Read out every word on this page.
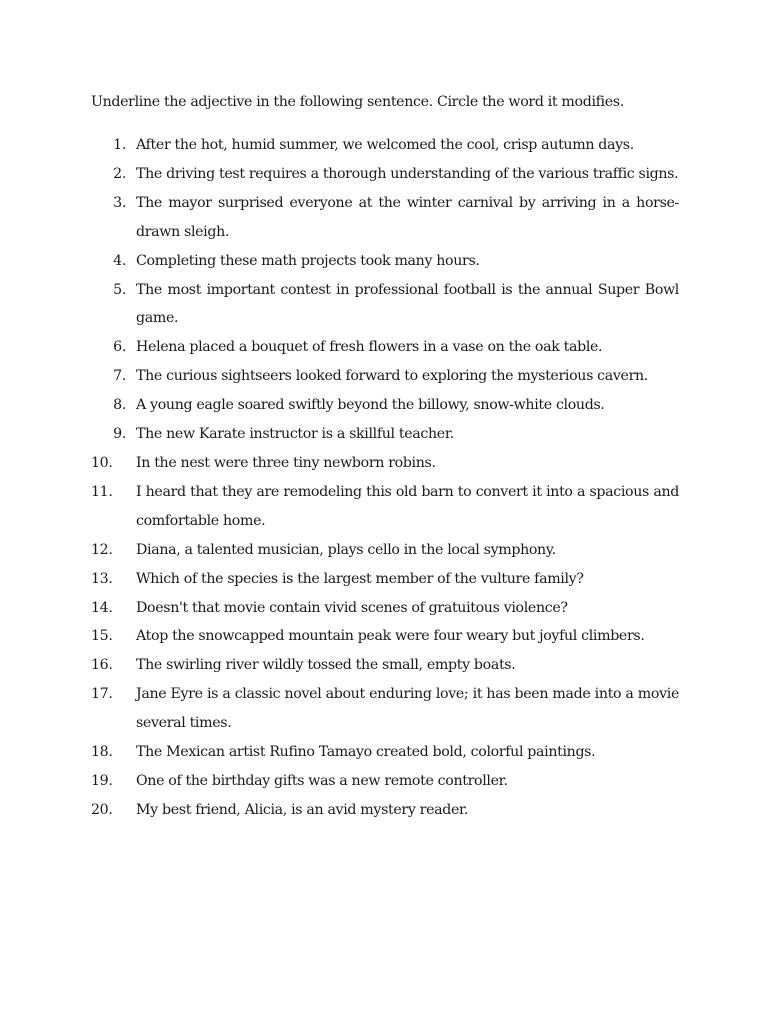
Underline the adjective in the following sentence. Circle the word it modifies.
1. After the hot, humid summer, we welcomed the cool, crisp autumn days.
2. The driving test requires a thorough understanding of the various traffic signs.
3. The mayor surprised everyone at the winter carnival by arriving in a horse-drawn sleigh.
4. Completing these math projects took many hours.
5. The most important contest in professional football is the annual Super Bowl game.
6. Helena placed a bouquet of fresh flowers in a vase on the oak table.
7. The curious sightseers looked forward to exploring the mysterious cavern.
8. A young eagle soared swiftly beyond the billowy, snow-white clouds.
9. The new Karate instructor is a skillful teacher.
10.	In the nest were three tiny newborn robins.
11.	I heard that they are remodeling this old barn to convert it into a spacious and comfortable home.
12.	Diana, a talented musician, plays cello in the local symphony.
13.	Which of the species is the largest member of the vulture family?
14.	Doesn't that movie contain vivid scenes of gratuitous violence?
15.	Atop the snowcapped mountain peak were four weary but joyful climbers.
16.	The swirling river wildly tossed the small, empty boats.
17.	Jane Eyre is a classic novel about enduring love; it has been made into a movie several times.
18.	The Mexican artist Rufino Tamayo created bold, colorful paintings.
19.	One of the birthday gifts was a new remote controller.
20.	My best friend, Alicia, is an avid mystery reader.
